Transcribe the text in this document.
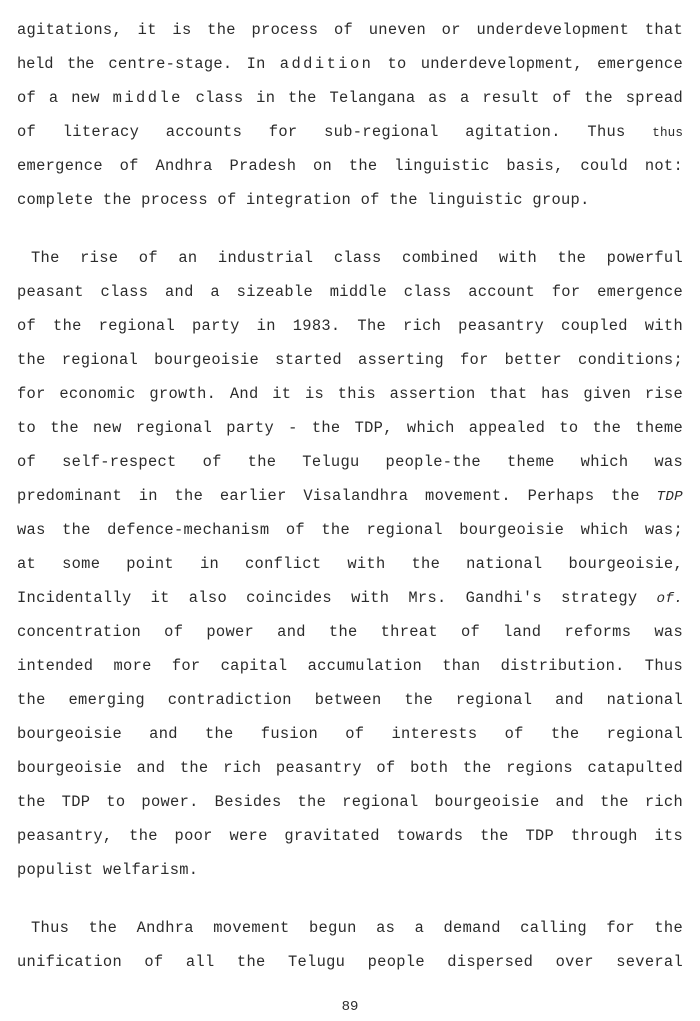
agitations, it is the process of uneven or underdevelopment that
held the centre-stage. In addition to underdevelopment, emergence
of a new middle class in the Telangana as a result of the spread
of literacy accounts for sub-regional agitation. Thus thus
emergence of Andhra Pradesh on the linguistic basis, could not:
complete the process of integration of the linguistic group.
The rise of an industrial class combined with the powerful
peasant class and a sizeable middle class account for emergence
of the regional party in 1983. The rich peasantry coupled with
the regional bourgeoisie started asserting for better conditions;
for economic growth. And it is this assertion that has given rise
to the new regional party - the TDP, which appealed to the theme
of self-respect of the Telugu people-the theme which was
predominant in the earlier Visalandhra movement. Perhaps the TDP
was the defence-mechanism of the regional bourgeoisie which was;
at some point in conflict with the national bourgeoisie,
Incidentally it also coincides with Mrs. Gandhi's strategy of.
concentration of power and the threat of land reforms was
intended more for capital accumulation than distribution. Thus
the emerging contradiction between the regional and national
bourgeoisie and the fusion of interests of the regional
bourgeoisie and the rich peasantry of both the regions catapulted
the TDP to power. Besides the regional bourgeoisie and the rich
peasantry, the poor were gravitated towards the TDP through its
populist welfarism.
Thus the Andhra movement begun as a demand calling for the
unification of all the Telugu people dispersed over several
89
